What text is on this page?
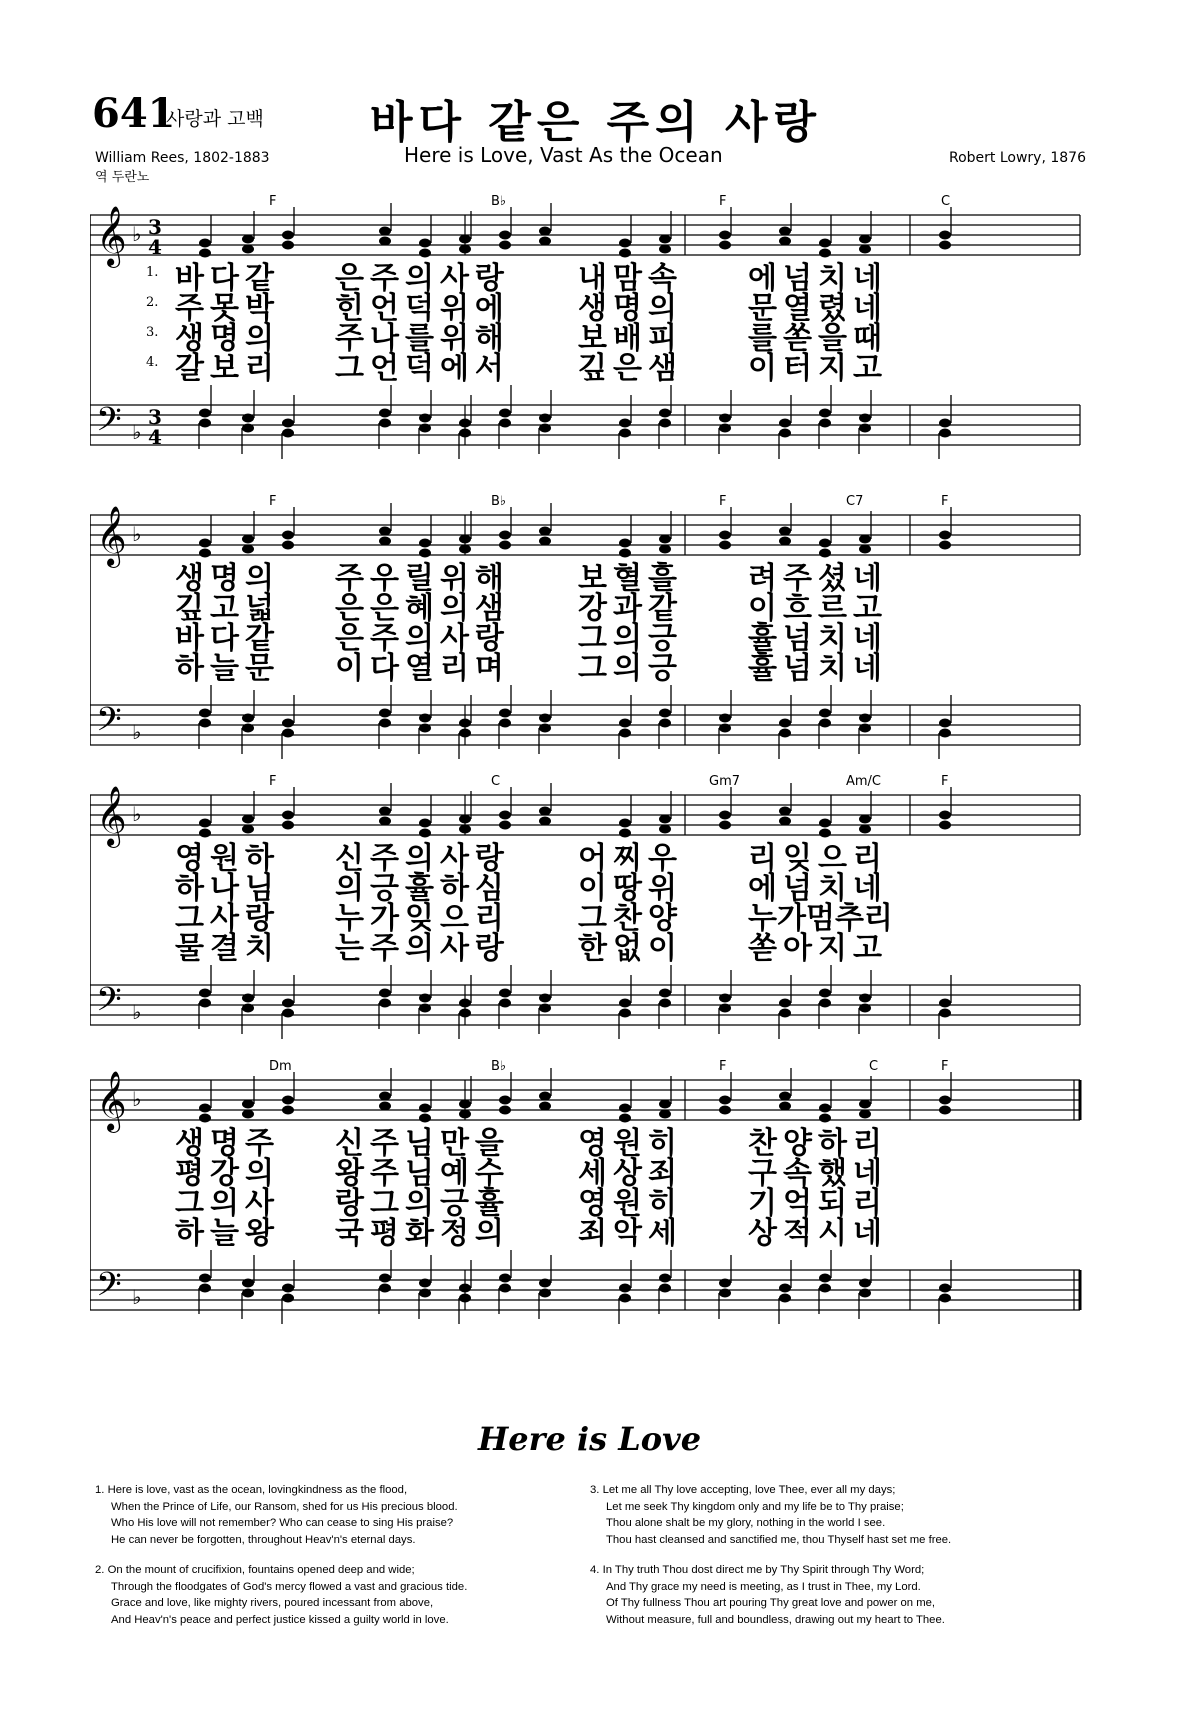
641
사랑과 고백 바다 같은 주의 사랑
Here is Love, Vast As the Ocean
William Rees, 1802-1883
역 두란노
Robert Lowry, 1876
𝄞
𝄢
♭
♭
3
4
3
4
F	B♭	F	C
𝄞
𝄢
♭
♭
F	B♭	F	C7	F
𝄞
𝄢
♭
♭
F	C	Gm7	Am/C	F
𝄞
𝄢
♭
♭
Dm	B♭	F	C	F
Here is Love
1. Here is love, vast as the ocean, lovingkindness as the flood,
When the Prince of Life, our Ransom, shed for us His precious blood.
Who His love will not remember? Who can cease to sing His praise?
He can never be forgotten, throughout Heav'n's eternal days.
2. On the mount of crucifixion, fountains opened deep and wide;
Through the floodgates of God's mercy flowed a vast and gracious tide.
Grace and love, like mighty rivers, poured incessant from above,
And Heav'n's peace and perfect justice kissed a guilty world in love.
3. Let me all Thy love accepting, love Thee, ever all my days;
Let me seek Thy kingdom only and my life be to Thy praise;
Thou alone shalt be my glory, nothing in the world I see.
Thou hast cleansed and sanctified me, thou Thyself hast set me free.
4. In Thy truth Thou dost direct me by Thy Spirit through Thy Word;
And Thy grace my need is meeting, as I trust in Thee, my Lord.
Of Thy fullness Thou art pouring Thy great love and power on me,
Without measure, full and boundless, drawing out my heart to Thee.
1. 바다같 은주의사랑 내맘속 에넘치네
2. 주못박 힌언덕위에 생명의 문열렸네
3. 생명의 주나를위해 보배피 를쏟을때
4. 갈보리 그언덕에서 깊은샘 이터지고
생명의 주우릴위해 보혈흘 려주셨네
깊고넓 은은혜의샘 강과같 이흐르고
바다같 은주의사랑 그의긍 휼넘치네
하늘문 이다열리며 그의긍 휼넘치네
영원하 신주의사랑 어찌우 리잊으리
하나님 의긍휼하심 이땅위 에넘치네
그사랑 누가잊으리 그찬양 누가멈추리
물결치 는주의사랑 한없이 쏟아지고
생명주 신주님만을 영원히 찬양하리
평강의 왕주님예수 세상죄 구속했네
그의사 랑그의긍휼 영원히 기억되리
하늘왕 국평화정의 죄악세 상적시네
